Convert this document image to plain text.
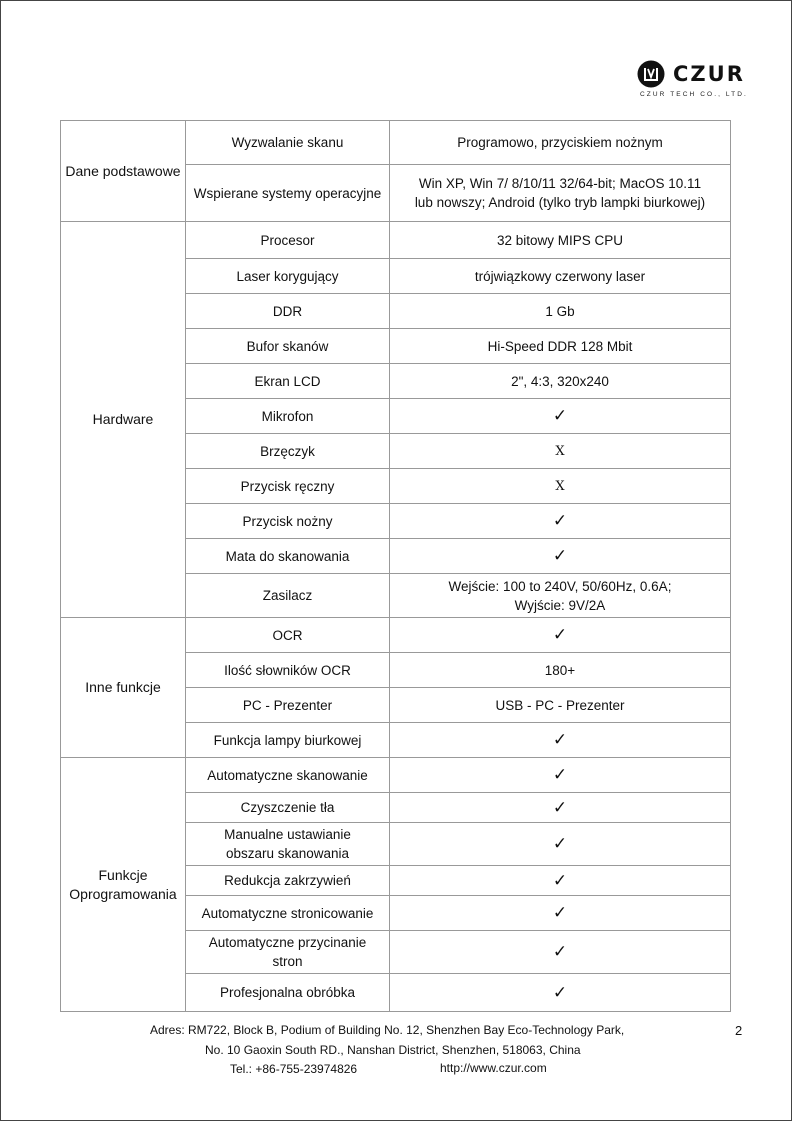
CZUR
CZUR TECH CO., LTD.
Dane podstawowe	Wyzwalanie skanu	Programowo, przyciskiem nożnym
	Wspierane systemy operacyjne	Win XP, Win 7/ 8/10/11 32/64-bit; MacOS 10.11
lub nowszy; Android (tylko tryb lampki biurkowej)

Hardware	Procesor	32 bitowy MIPS CPU
	Laser korygujący	trójwiązkowy czerwony laser
	DDR	1 Gb
	Bufor skanów	Hi-Speed DDR 128 Mbit
	Ekran LCD	2", 4:3, 320x240
	Mikrofon	✓
	Brzęczyk	X
	Przycisk ręczny	X
	Przycisk nożny	✓
	Mata do skanowania	✓
	Zasilacz	Wejście: 100 to 240V, 50/60Hz, 0.6A;
Wyjście: 9V/2A

Inne funkcje	OCR	✓
	Ilość słowników OCR	180+
	PC - Prezenter	USB - PC - Prezenter
	Funkcja lampy biurkowej	✓

Funkcje
Oprogramowania	Automatyczne skanowanie	✓
	Czyszczenie tła	✓

	Manualne ustawianie
obszaru skanowania	✓
	Redukcja zakrzywień	✓
	Automatyczne stronicowanie	✓

	Automatyczne przycinanie
stron	✓
	Profesjonalna obróbka	✓
Adres: RM722, Block B, Podium of Building No. 12, Shenzhen Bay Eco-Technology Park,
No. 10 Gaoxin South RD., Nanshan District, Shenzhen, 518063, China
Tel.: +86-755-23974826	http://www.czur.com
2
